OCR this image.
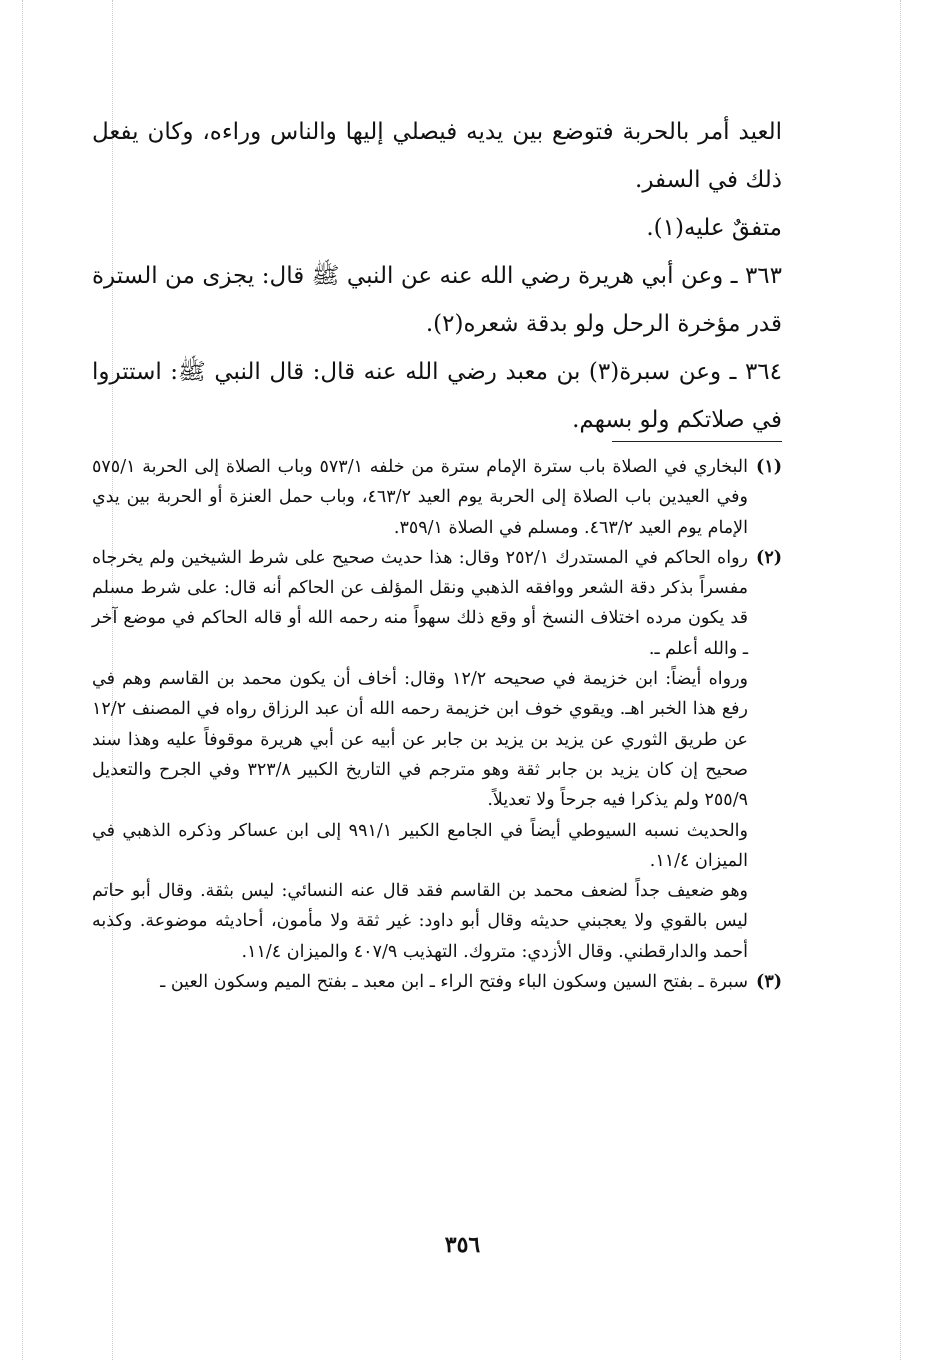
العيد أمر بالحربة فتوضع بين يديه فيصلي إليها والناس وراءه، وكان يفعل ذلك في السفر.

متفقٌ عليه(١).

٣٦٣ ـ وعن أبي هريرة رضي الله عنه عن النبي ﷺ قال: يجزى من السترة قدر مؤخرة الرحل ولو بدقة شعره(٢).

٣٦٤ ـ وعن سبرة(٣) بن معبد رضي الله عنه قال: قال النبي ﷺ: استتروا في صلاتكم ولو بسهم.

(١)

البخاري في الصلاة باب سترة الإمام سترة من خلفه ٥٧٣/١ وباب الصلاة إلى الحربة ٥٧٥/١ وفي العيدين باب الصلاة إلى الحربة يوم العيد ٤٦٣/٢، وباب حمل العنزة أو الحربة بين يدي الإمام يوم العيد ٤٦٣/٢. ومسلم في الصلاة ٣٥٩/١.

(٢)

رواه الحاكم في المستدرك ٢٥٢/١ وقال: هذا حديث صحيح على شرط الشيخين ولم يخرجاه مفسراً بذكر دقة الشعر ووافقه الذهبي ونقل المؤلف عن الحاكم أنه قال: على شرط مسلم قد يكون مرده اختلاف النسخ أو وقع ذلك سهواً منه رحمه الله أو قاله الحاكم في موضع آخر ـ والله أعلم ـ.

ورواه أيضاً: ابن خزيمة في صحيحه ١٢/٢ وقال: أخاف أن يكون محمد بن القاسم وهم في رفع هذا الخبر اهـ. ويقوي خوف ابن خزيمة رحمه الله أن عبد الرزاق رواه في المصنف ١٢/٢ عن طريق الثوري عن يزيد بن يزيد بن جابر عن أبيه عن أبي هريرة موقوفاً عليه وهذا سند صحيح إن كان يزيد بن جابر ثقة وهو مترجم في التاريخ الكبير ٣٢٣/٨ وفي الجرح والتعديل ٢٥٥/٩ ولم يذكرا فيه جرحاً ولا تعديلاً.

والحديث نسبه السيوطي أيضاً في الجامع الكبير ٩٩١/١ إلى ابن عساكر وذكره الذهبي في الميزان ١١/٤.

وهو ضعيف جداً لضعف محمد بن القاسم فقد قال عنه النسائي: ليس بثقة. وقال أبو حاتم ليس بالقوي ولا يعجبني حديثه وقال أبو داود: غير ثقة ولا مأمون، أحاديثه موضوعة. وكذبه أحمد والدارقطني. وقال الأزدي: متروك. التهذيب ٤٠٧/٩ والميزان ١١/٤.

(٣)

سبرة ـ بفتح السين وسكون الباء وفتح الراء ـ ابن معبد ـ بفتح الميم وسكون العين ـ

٣٥٦
